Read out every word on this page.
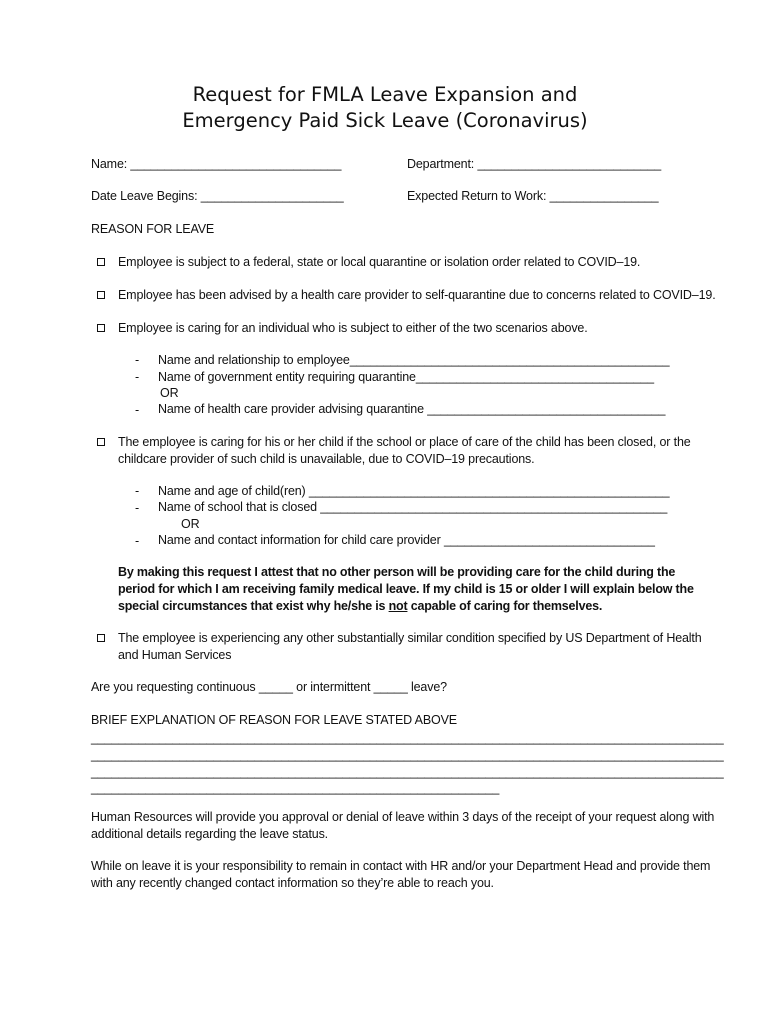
Request for FMLA Leave Expansion and
Emergency Paid Sick Leave (Coronavirus)
Name: _______________________________	Department: ___________________________
Date Leave Begins: _____________________	Expected Return to Work: ________________
REASON FOR LEAVE
Employee is subject to a federal, state or local quarantine or isolation order related to COVID–19.
Employee has been advised by a health care provider to self-quarantine due to concerns related to COVID–19.
Employee is caring for an individual who is subject to either of the two scenarios above.
- Name and relationship to employee_______________________________________________
- Name of government entity requiring quarantine___________________________________
OR
- Name of health care provider advising quarantine ___________________________________
The employee is caring for his or her child if the school or place of care of the child has been closed, or the
childcare provider of such child is unavailable, due to COVID–19 precautions.
- Name and age of child(ren) _____________________________________________________
- Name of school that is closed ___________________________________________________
OR
- Name and contact information for child care provider _______________________________
By making this request I attest that no other person will be providing care for the child during the
period for which I am receiving family medical leave. If my child is 15 or older I will explain below the
special circumstances that exist why he/she is not capable of caring for themselves.
The employee is experiencing any other substantially similar condition specified by US Department of Health
and Human Services
Are you requesting continuous _____ or intermittent _____ leave?
BRIEF EXPLANATION OF REASON FOR LEAVE STATED ABOVE
_____________________________________________________________________________________________
_____________________________________________________________________________________________
_____________________________________________________________________________________________
____________________________________________________________
Human Resources will provide you approval or denial of leave within 3 days of the receipt of your request along with
additional details regarding the leave status.
While on leave it is your responsibility to remain in contact with HR and/or your Department Head and provide them
with any recently changed contact information so they’re able to reach you.
